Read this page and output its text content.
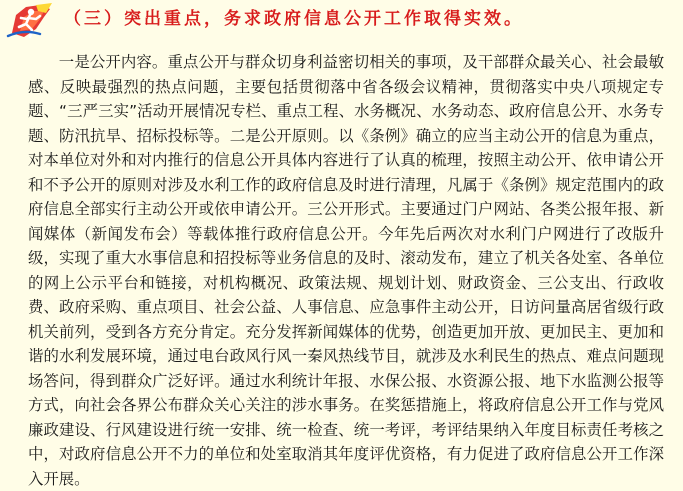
（三）突出重点，务求政府信息公开工作取得实效。

一是公开内容。重点公开与群众切身利益密切相关的事项，及干部群众最关心、社会最敏感、反映最强烈的热点问题，主要包括贯彻落中省各级会议精神，贯彻落实中央八项规定专题、“三严三实”活动开展情况专栏、重点工程、水务概况、水务动态、政府信息公开、水务专题、防汛抗旱、招标投标等。二是公开原则。以《条例》确立的应当主动公开的信息为重点，对本单位对外和对内推行的信息公开具体内容进行了认真的梳理，按照主动公开、依申请公开和不予公开的原则对涉及水利工作的政府信息及时进行清理，凡属于《条例》规定范围内的政府信息全部实行主动公开或依申请公开。三公开形式。主要通过门户网站、各类公报年报、新闻媒体（新闻发布会）等载体推行政府信息公开。今年先后两次对水利门户网进行了改版升级，实现了重大水事信息和招投标等业务信息的及时、滚动发布，建立了机关各处室、各单位的网上公示平台和链接，对机构概况、政策法规、规划计划、财政资金、三公支出、行政收费、政府采购、重点项目、社会公益、人事信息、应急事件主动公开，日访问量高居省级行政机关前列，受到各方充分肯定。充分发挥新闻媒体的优势，创造更加开放、更加民主、更加和谐的水利发展环境，通过电台政风行风一秦风热线节目，就涉及水利民生的热点、难点问题现场答问，得到群众广泛好评。通过水利统计年报、水保公报、水资源公报、地下水监测公报等方式，向社会各界公布群众关心关注的涉水事务。在奖惩措施上，将政府信息公开工作与党风廉政建设、行风建设进行统一安排、统一检查、统一考评，考评结果纳入年度目标责任考核之中，对政府信息公开不力的单位和处室取消其年度评优资格，有力促进了政府信息公开工作深入开展。
